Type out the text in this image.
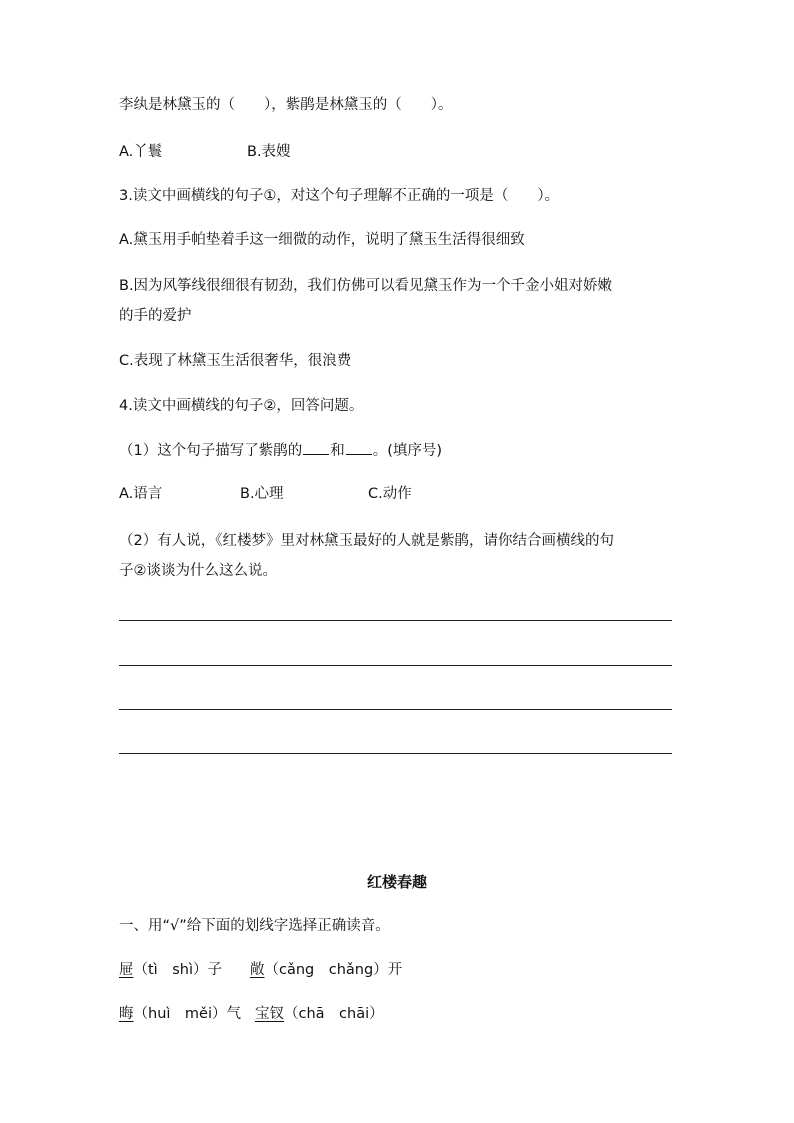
李纨是林黛玉的（　　），紫鹃是林黛玉的（　　）。
A.丫鬟	B.表嫂
3.读文中画横线的句子①，对这个句子理解不正确的一项是（　　）。
A.黛玉用手帕垫着手这一细微的动作，说明了黛玉生活得很细致
B.因为风筝线很细很有韧劲，我们仿佛可以看见黛玉作为一个千金小姐对娇嫩
的手的爱护
C.表现了林黛玉生活很奢华，很浪费
4.读文中画横线的句子②，回答问题。
（1）这个句子描写了紫鹃的 和 。(填序号)
A.语言	B.心理	C.动作
（2）有人说，《红楼梦》里对林黛玉最好的人就是紫鹃，请你结合画横线的句
子②谈谈为什么这么说。
红楼春趣
一、用“√”给下面的划线字选择正确读音。
屉（tì　shì）子 敞（cǎng　chǎng）开
晦（huì　měi）气 宝钗（chā　chāi）
